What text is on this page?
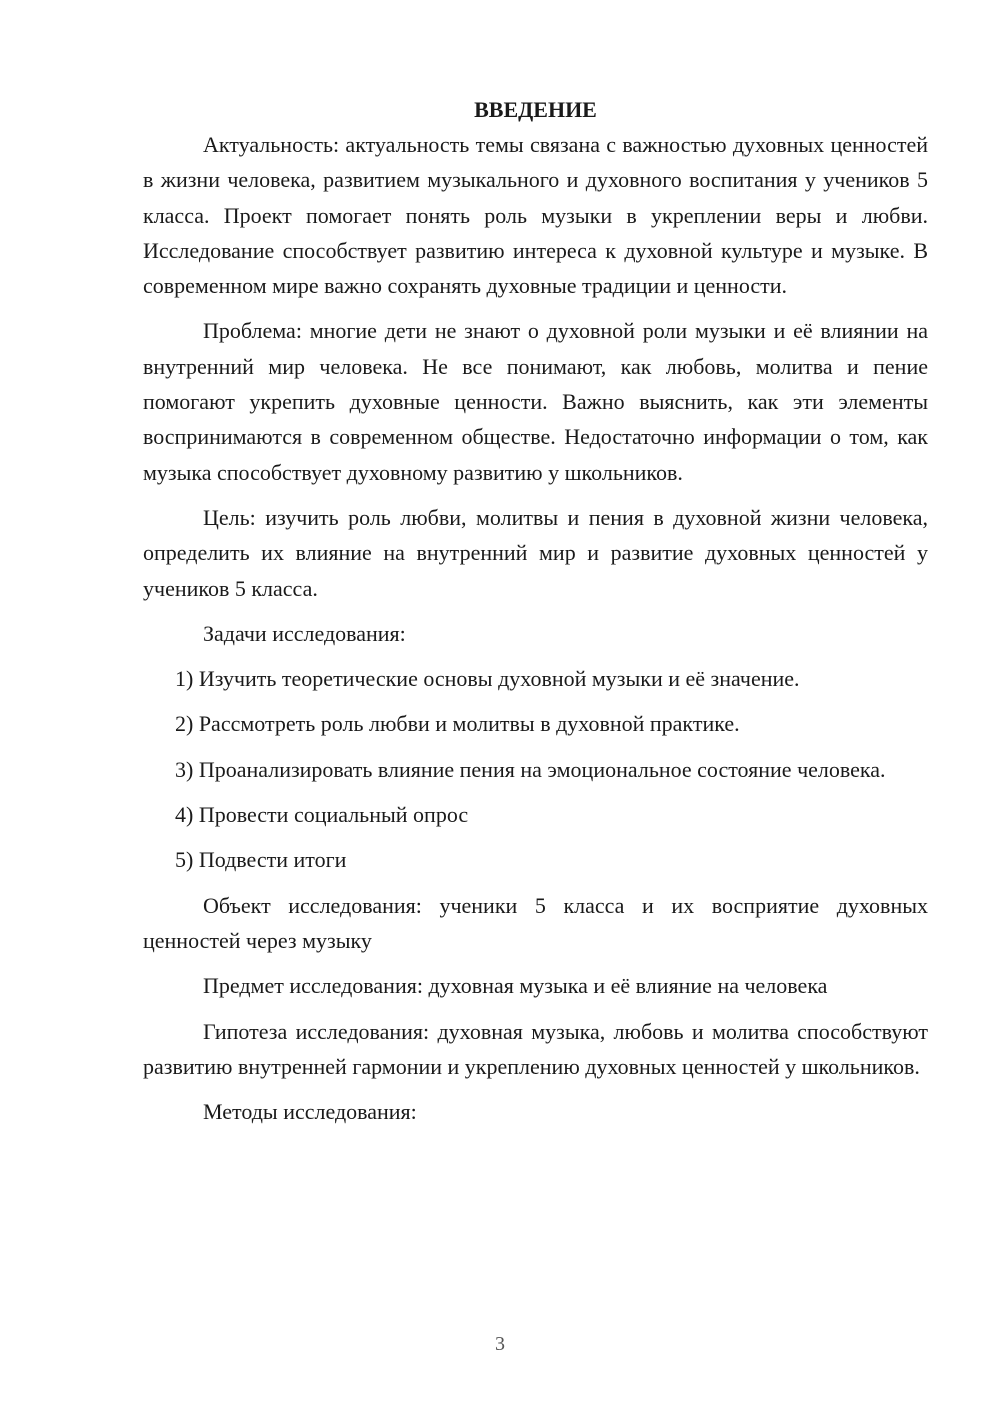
ВВЕДЕНИЕ

Актуальность: актуальность темы связана с важностью духовных ценностей в жизни человека, развитием музыкального и духовного воспитания у учеников 5 класса. Проект помогает понять роль музыки в укреплении веры и любви. Исследование способствует развитию интереса к духовной культуре и музыке. В современном мире важно сохранять духовные традиции и ценности.

Проблема: многие дети не знают о духовной роли музыки и её влиянии на внутренний мир человека. Не все понимают, как любовь, молитва и пение помогают укрепить духовные ценности. Важно выяснить, как эти элементы воспринимаются в современном обществе. Недостаточно информации о том, как музыка способствует духовному развитию у школьников.

Цель: изучить роль любви, молитвы и пения в духовной жизни человека, определить их влияние на внутренний мир и развитие духовных ценностей у учеников 5 класса.

Задачи исследования:

1) Изучить теоретические основы духовной музыки и её значение.

2) Рассмотреть роль любви и молитвы в духовной практике.

3) Проанализировать влияние пения на эмоциональное состояние человека.

4) Провести социальный опрос

5) Подвести итоги

Объект исследования: ученики 5 класса и их восприятие духовных ценностей через музыку

Предмет исследования: духовная музыка и её влияние на человека

Гипотеза исследования: духовная музыка, любовь и молитва способствуют развитию внутренней гармонии и укреплению духовных ценностей у школьников.

Методы исследования:

3
